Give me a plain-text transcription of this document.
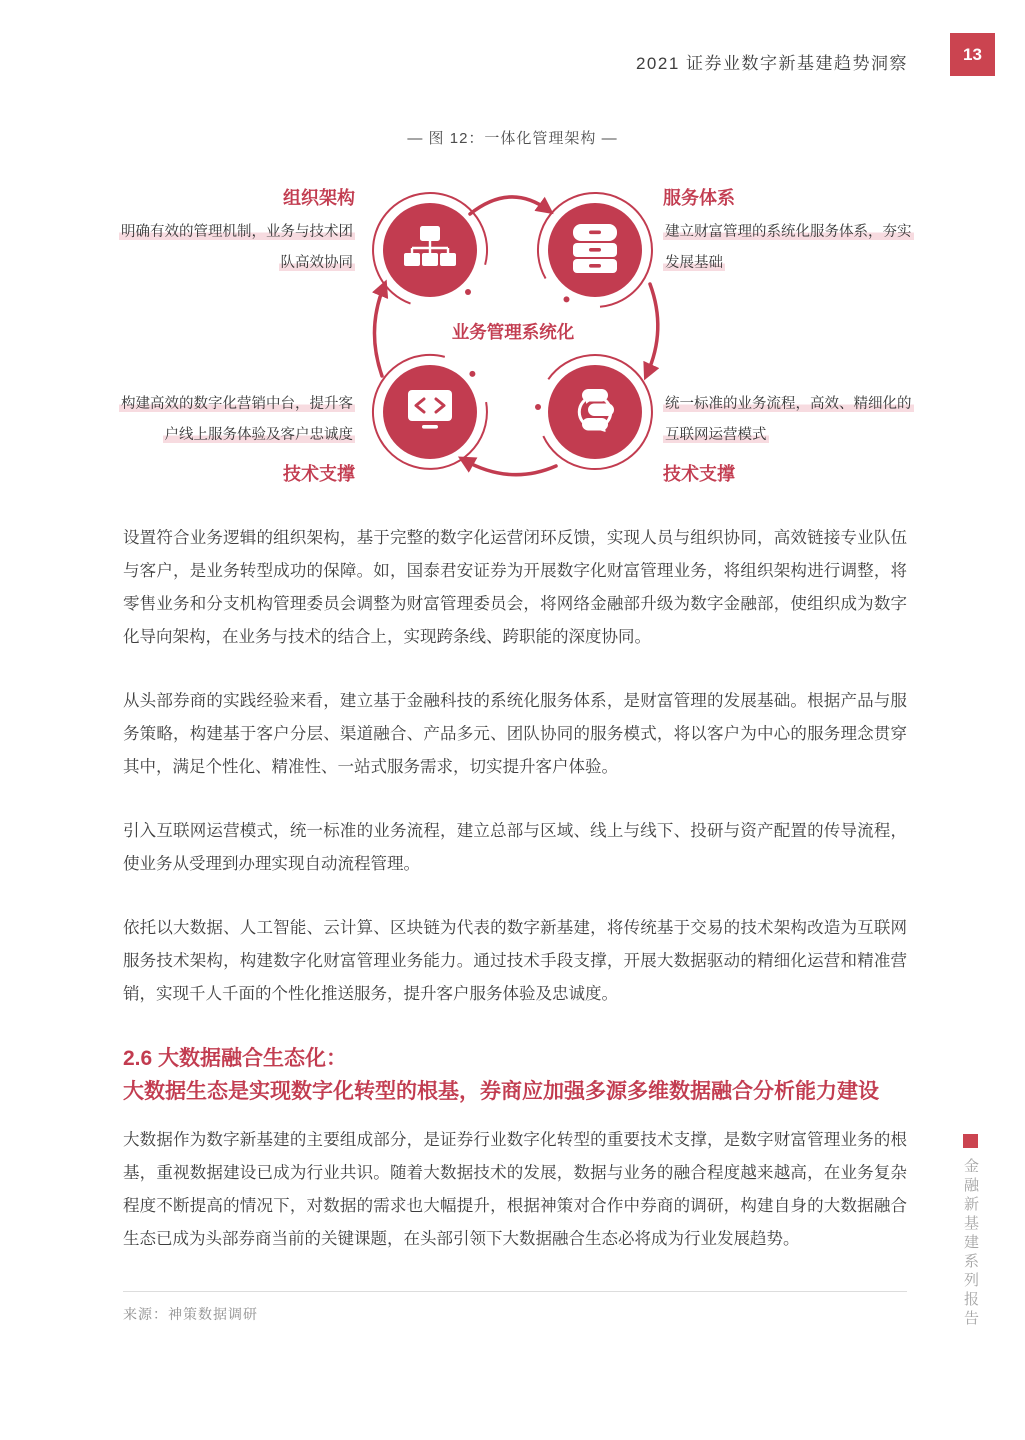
2021 证券业数字新基建趋势洞察	13
— 图 12：一体化管理架构 —
业务管理系统化
组织架构
明确有效的管理机制，业务与技术团
队高效协同
服务体系
建立财富管理的系统化服务体系，夯实
发展基础
构建高效的数字化营销中台，提升客
户线上服务体验及客户忠诚度
技术支撑
统一标准的业务流程，高效、精细化的
互联网运营模式
技术支撑

设置符合业务逻辑的组织架构，基于完整的数字化运营闭环反馈，实现人员与组织协同，高效链接专业队伍与客户，是业务转型成功的保障。如，国泰君安证券为开展数字化财富管理业务，将组织架构进行调整，将零售业务和分支机构管理委员会调整为财富管理委员会，将网络金融部升级为数字金融部，使组织成为数字化导向架构，在业务与技术的结合上，实现跨条线、跨职能的深度协同。

从头部券商的实践经验来看，建立基于金融科技的系统化服务体系，是财富管理的发展基础。根据产品与服务策略，构建基于客户分层、渠道融合、产品多元、团队协同的服务模式，将以客户为中心的服务理念贯穿其中，满足个性化、精准性、一站式服务需求，切实提升客户体验。

引入互联网运营模式，统一标准的业务流程，建立总部与区域、线上与线下、投研与资产配置的传导流程，使业务从受理到办理实现自动流程管理。

依托以大数据、人工智能、云计算、区块链为代表的数字新基建，将传统基于交易的技术架构改造为互联网服务技术架构，构建数字化财富管理业务能力。通过技术手段支撑，开展大数据驱动的精细化运营和精准营销，实现千人千面的个性化推送服务，提升客户服务体验及忠诚度。

2.6 大数据融合生态化：
大数据生态是实现数字化转型的根基，券商应加强多源多维数据融合分析能力建设

大数据作为数字新基建的主要组成部分，是证券行业数字化转型的重要技术支撑，是数字财富管理业务的根基，重视数据建设已成为行业共识。随着大数据技术的发展，数据与业务的融合程度越来越高，在业务复杂程度不断提高的情况下，对数据的需求也大幅提升，根据神策对合作中券商的调研，构建自身的大数据融合生态已成为头部券商当前的关键课题，在头部引领下大数据融合生态必将成为行业发展趋势。

来源：神策数据调研	金融新基建系列报告
